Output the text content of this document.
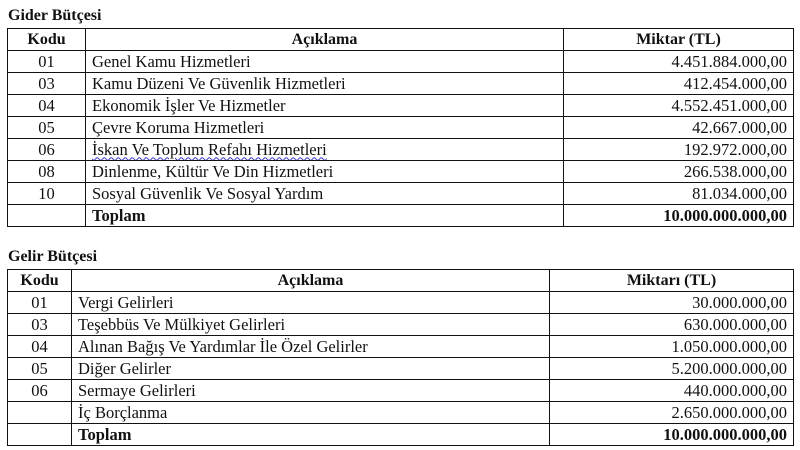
Gider Bütçesi
Kodu	Açıklama	Miktar (TL)
01	Genel Kamu Hizmetleri	4.451.884.000,00
03	Kamu Düzeni Ve Güvenlik Hizmetleri	412.454.000,00
04	Ekonomik İşler Ve Hizmetler	4.552.451.000,00
05	Çevre Koruma Hizmetleri	42.667.000,00
06	İskan Ve Toplum Refahı Hizmetleri	192.972.000,00
08	Dinlenme, Kültür Ve Din Hizmetleri	266.538.000,00
10	Sosyal Güvenlik Ve Sosyal Yardım	81.034.000,00
	Toplam	10.000.000.000,00
Gelir Bütçesi
Kodu	Açıklama	Miktarı (TL)
01	Vergi Gelirleri	30.000.000,00
03	Teşebbüs Ve Mülkiyet Gelirleri	630.000.000,00
04	Alınan Bağış Ve Yardımlar İle Özel Gelirler	1.050.000.000,00
05	Diğer Gelirler	5.200.000.000,00
06	Sermaye Gelirleri	440.000.000,00
	İç Borçlanma	2.650.000.000,00
	Toplam	10.000.000.000,00
